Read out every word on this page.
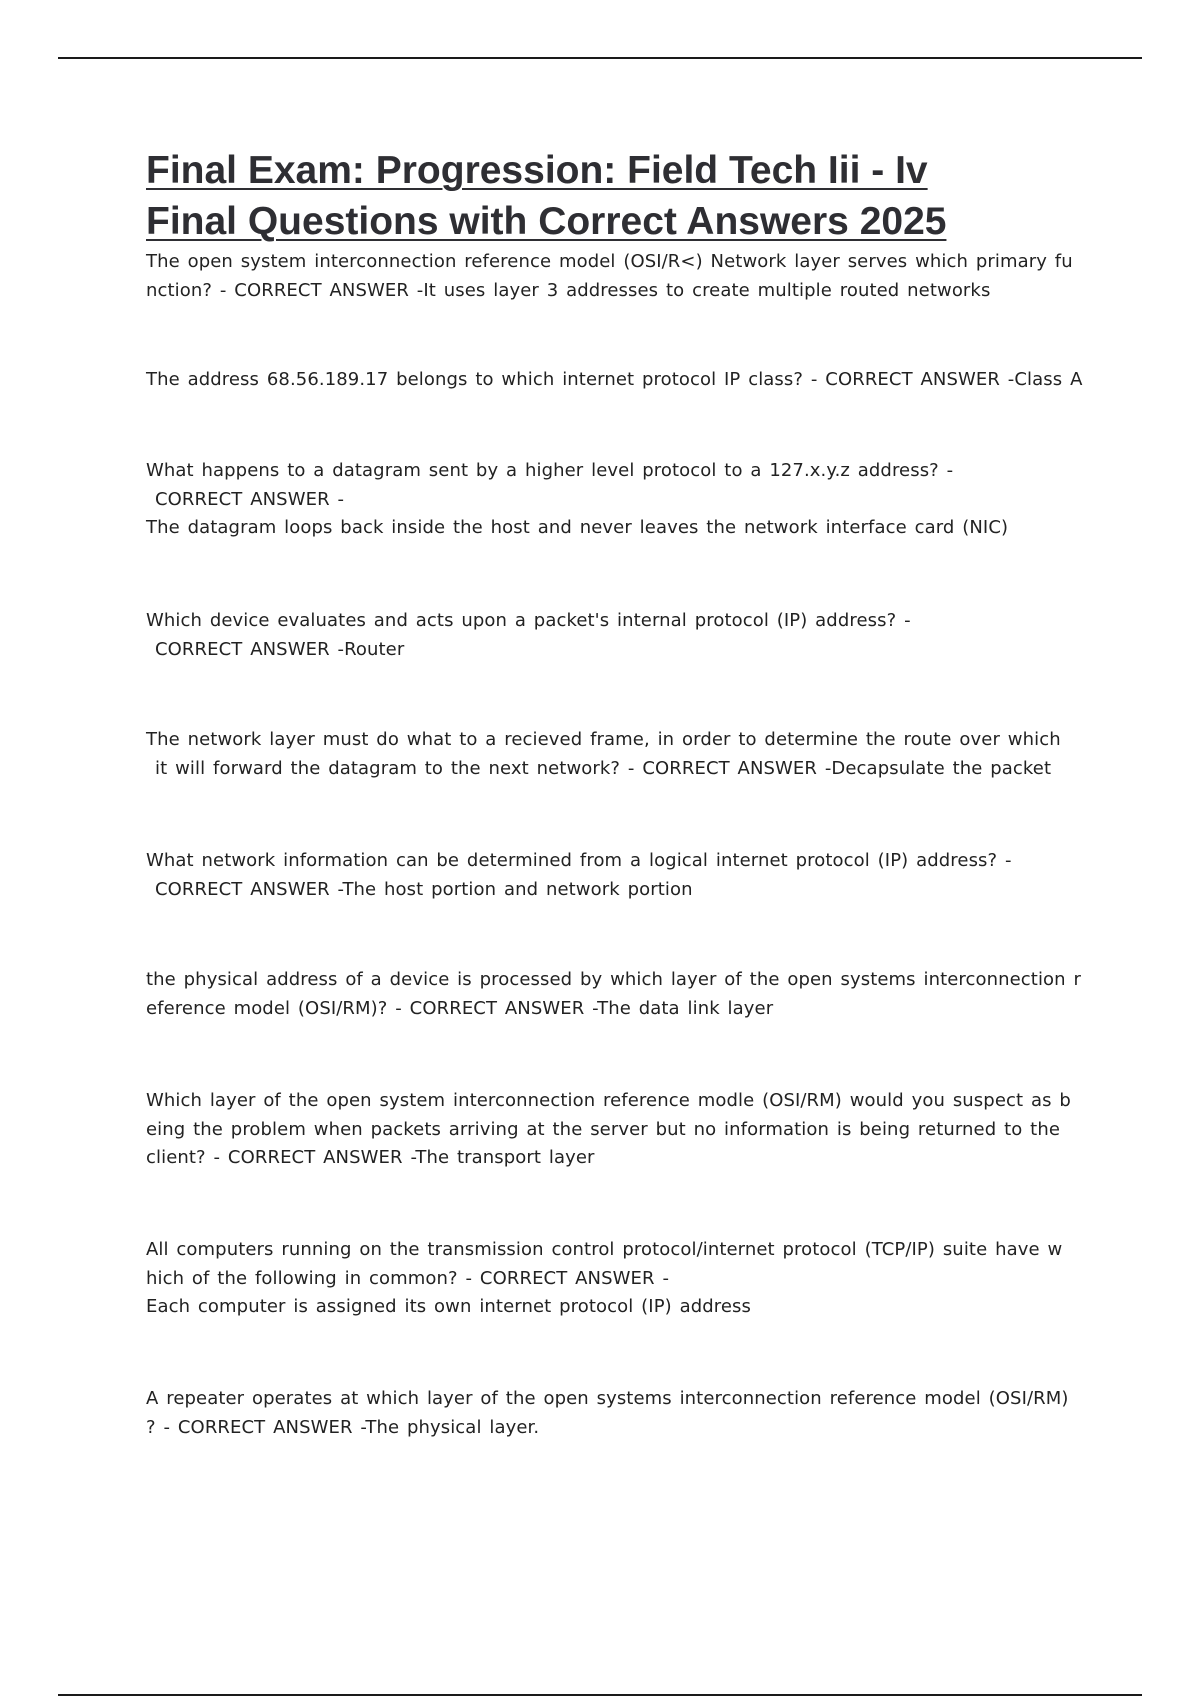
Final Exam: Progression: Field Tech Iii - Iv
Final Questions with Correct Answers 2025
The open system interconnection reference model (OSI/R<) Network layer serves which primary fu
nction? - CORRECT ANSWER -It uses layer 3 addresses to create multiple routed networks
The address 68.56.189.17 belongs to which internet protocol IP class? - CORRECT ANSWER -Class A
What happens to a datagram sent by a higher level protocol to a 127.x.y.z address? -
CORRECT ANSWER -
The datagram loops back inside the host and never leaves the network interface card (NIC)
Which device evaluates and acts upon a packet's internal protocol (IP) address? -
CORRECT ANSWER -Router
The network layer must do what to a recieved frame, in order to determine the route over which
it will forward the datagram to the next network? - CORRECT ANSWER -Decapsulate the packet
What network information can be determined from a logical internet protocol (IP) address? -
CORRECT ANSWER -The host portion and network portion
the physical address of a device is processed by which layer of the open systems interconnection r
eference model (OSI/RM)? - CORRECT ANSWER -The data link layer
Which layer of the open system interconnection reference modle (OSI/RM) would you suspect as b
eing the problem when packets arriving at the server but no information is being returned to the
client? - CORRECT ANSWER -The transport layer
All computers running on the transmission control protocol/internet protocol (TCP/IP) suite have w
hich of the following in common? - CORRECT ANSWER -
Each computer is assigned its own internet protocol (IP) address
A repeater operates at which layer of the open systems interconnection reference model (OSI/RM)
? - CORRECT ANSWER -The physical layer.
